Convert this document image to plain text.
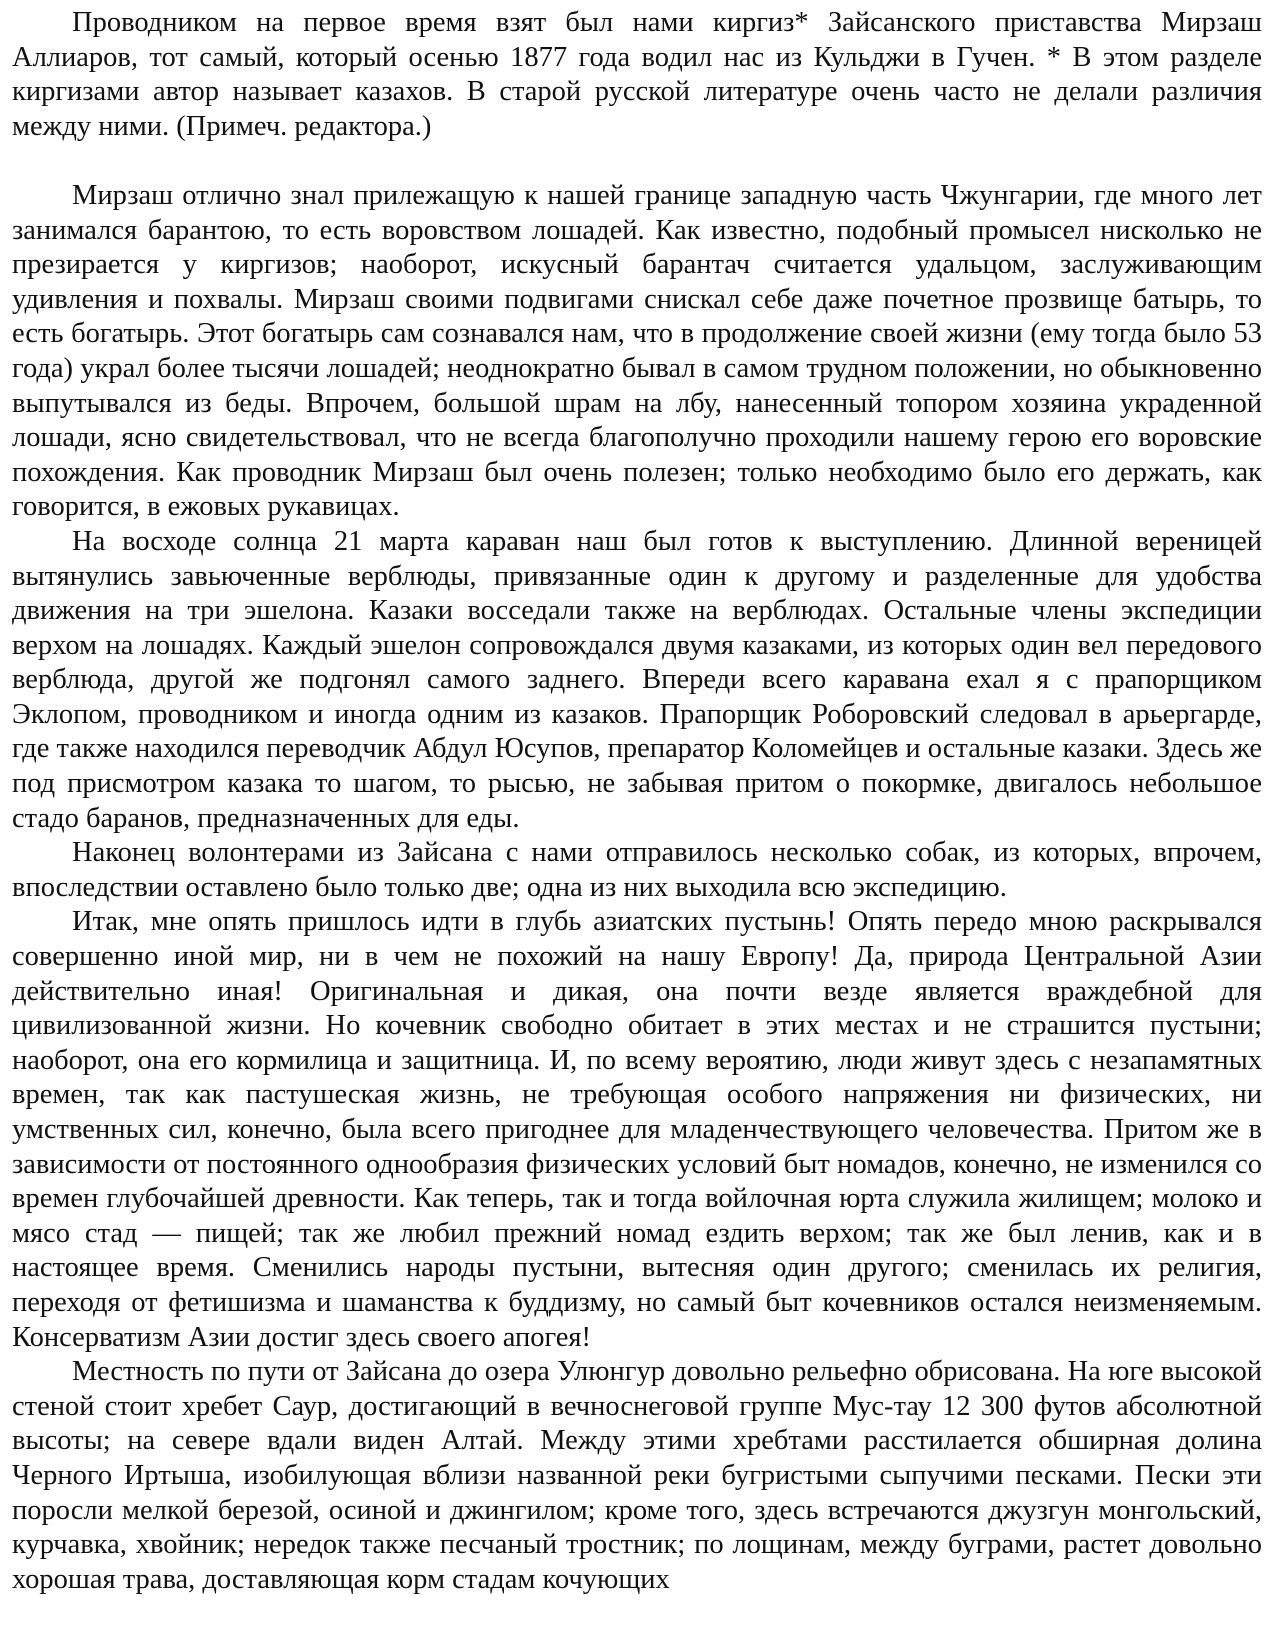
Проводником на первое время взят был нами киргиз* Зайсанского приставства Мирзаш Аллиаров, тот самый, который осенью 1877 года водил нас из Кульджи в Гучен. * В этом разделе киргизами автор называет казахов. В старой русской литературе очень часто не делали различия между ними. (Примеч. редактора.)

Мирзаш отлично знал прилежащую к нашей границе западную часть Чжунгарии, где много лет занимался барантою, то есть воровством лошадей. Как известно, подобный промысел нисколько не презирается у киргизов; наоборот, искусный барантач считается удальцом, заслуживающим удивления и похвалы. Мирзаш своими подвигами снискал себе даже почетное прозвище батырь, то есть богатырь. Этот богатырь сам сознавался нам, что в продолжение своей жизни (ему тогда было 53 года) украл более тысячи лошадей; неоднократно бывал в самом трудном положении, но обыкновенно выпутывался из беды. Впрочем, большой шрам на лбу, нанесенный топором хозяина украденной лошади, ясно свидетельствовал, что не всегда благополучно проходили нашему герою его воровские похождения. Как проводник Мирзаш был очень полезен; только необходимо было его держать, как говорится, в ежовых рукавицах.

На восходе солнца 21 марта караван наш был готов к выступлению. Длинной вереницей вытянулись завьюченные верблюды, привязанные один к другому и разделенные для удобства движения на три эшелона. Казаки восседали также на верблюдах. Остальные члены экспедиции верхом на лошадях. Каждый эшелон сопровождался двумя казаками, из которых один вел передового верблюда, другой же подгонял самого заднего. Впереди всего каравана ехал я с прапорщиком Эклопом, проводником и иногда одним из казаков. Прапорщик Роборовский следовал в арьергарде, где также находился переводчик Абдул Юсупов, препаратор Коломейцев и остальные казаки. Здесь же под присмотром казака то шагом, то рысью, не забывая притом о покормке, двигалось небольшое стадо баранов, предназначенных для еды.

Наконец волонтерами из Зайсана с нами отправилось несколько собак, из которых, впрочем, впоследствии оставлено было только две; одна из них выходила всю экспедицию.

Итак, мне опять пришлось идти в глубь азиатских пустынь! Опять передо мною раскрывался совершенно иной мир, ни в чем не похожий на нашу Европу! Да, природа Центральной Азии действительно иная! Оригинальная и дикая, она почти везде является враждебной для цивилизованной жизни. Но кочевник свободно обитает в этих местах и не страшится пустыни; наоборот, она его кормилица и защитница. И, по всему вероятию, люди живут здесь с незапамятных времен, так как пастушеская жизнь, не требующая особого напряжения ни физических, ни умственных сил, конечно, была всего пригоднее для младенчествующего человечества. Притом же в зависимости от постоянного однообразия физических условий быт номадов, конечно, не изменился со времен глубочайшей древности. Как теперь, так и тогда войлочная юрта служила жилищем; молоко и мясо стад — пищей; так же любил прежний номад ездить верхом; так же был ленив, как и в настоящее время. Сменились народы пустыни, вытесняя один другого; сменилась их религия, переходя от фетишизма и шаманства к буддизму, но самый быт кочевников остался неизменяемым. Консерватизм Азии достиг здесь своего апогея!

Местность по пути от Зайсана до озера Улюнгур довольно рельефно обрисована. На юге высокой стеной стоит хребет Саур, достигающий в вечноснеговой группе Мус-тау 12 300 футов абсолютной высоты; на севере вдали виден Алтай. Между этими хребтами расстилается обширная долина Черного Иртыша, изобилующая вблизи названной реки бугристыми сыпучими песками. Пески эти поросли мелкой березой, осиной и джингилом; кроме того, здесь встречаются джузгун монгольский, курчавка, хвойник; нередок также песчаный тростник; по лощинам, между буграми, растет довольно хорошая трава, доставляющая корм стадам кочующих
